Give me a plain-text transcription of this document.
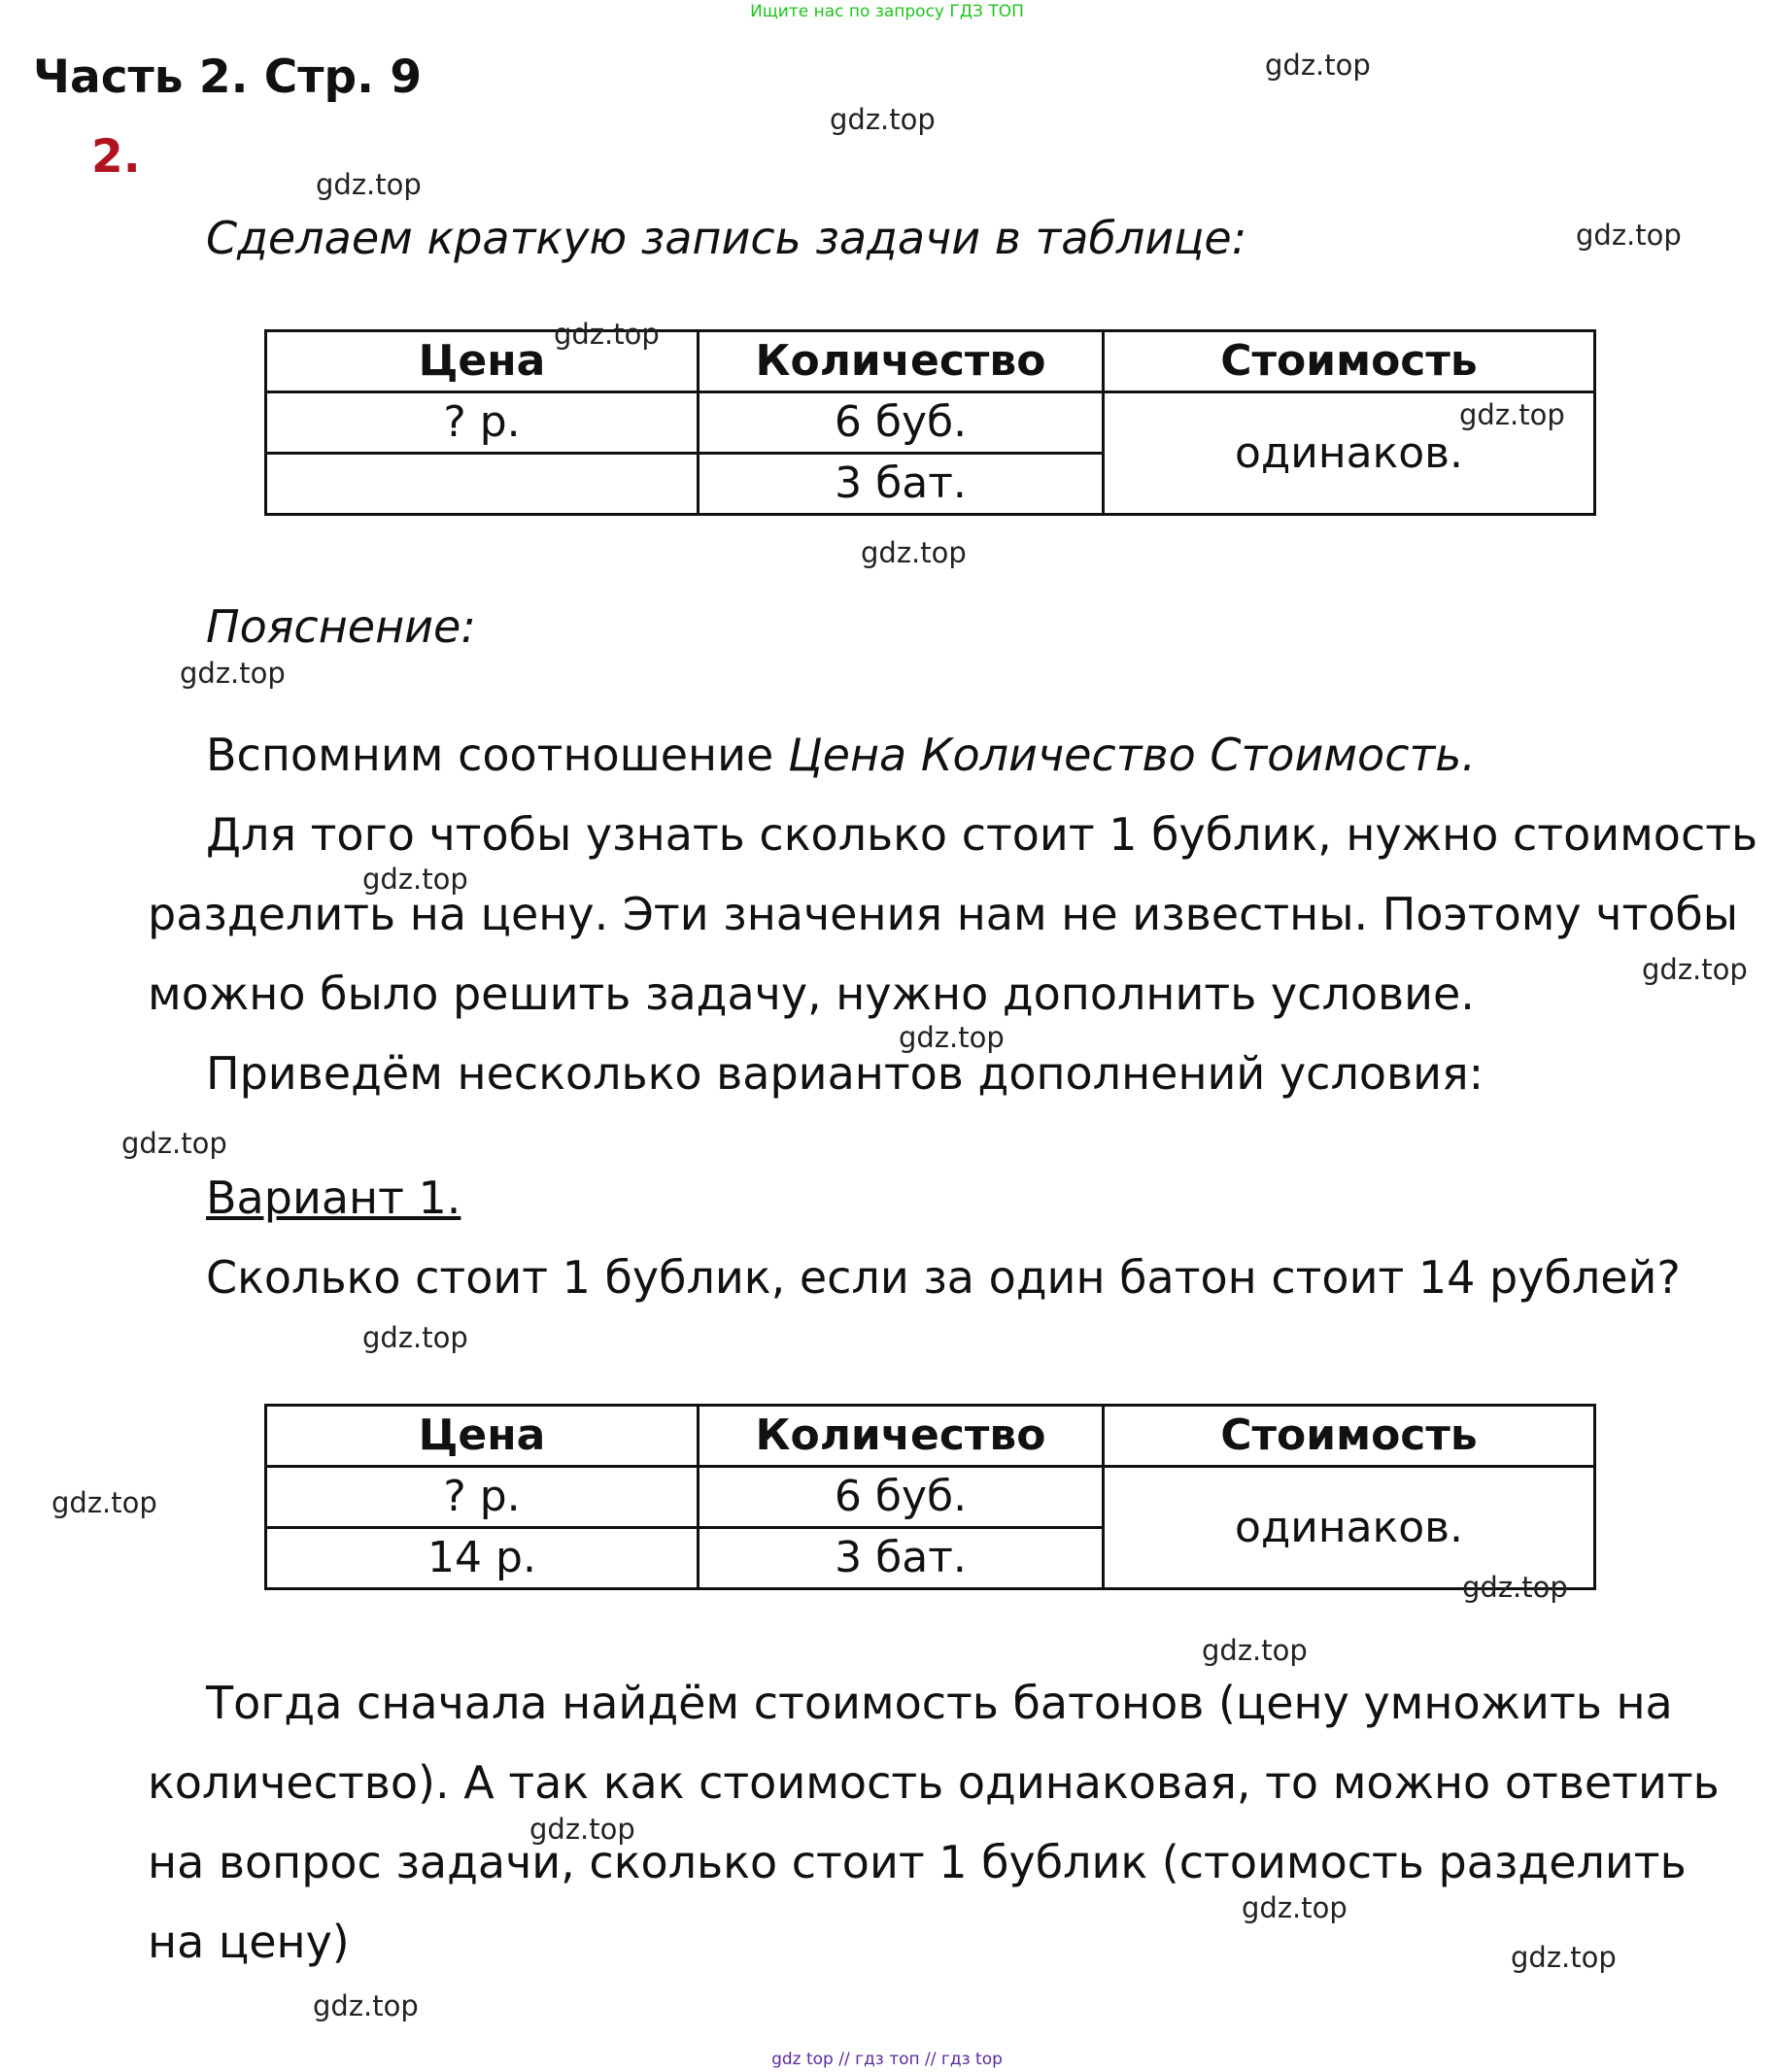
Ищите нас по запросу ГДЗ ТОП
Часть 2. Стр. 9
2.
Сделаем краткую запись задачи в таблице:
Цена	Количество	Стоимость
? р.	6 буб.	одинаков.
	3 бат.	
Пояснение:
Вспомним соотношение Цена Количество Стоимость.
Для того чтобы узнать сколько стоит 1 бублик, нужно стоимость
разделить на цену. Эти значения нам не известны. Поэтому чтобы
можно было решить задачу, нужно дополнить условие.
Приведём несколько вариантов дополнений условия:
Вариант 1.
Сколько стоит 1 бублик, если за один батон стоит 14 рублей?
Цена	Количество	Стоимость
? р.	6 буб.	одинаков.
14 р.	3 бат.	
Тогда сначала найдём стоимость батонов (цену умножить на
количество). А так как стоимость одинаковая, то можно ответить
на вопрос задачи, сколько стоит 1 бублик (стоимость разделить
на цену)
gdz.top
gdz.top
gdz.top
gdz.top
gdz.top
gdz.top
gdz.top
gdz.top
gdz.top
gdz.top
gdz.top
gdz.top
gdz.top
gdz.top
gdz.top
gdz.top
gdz.top
gdz.top
gdz.top
gdz.top
gdz top // гдз топ // гдз top
